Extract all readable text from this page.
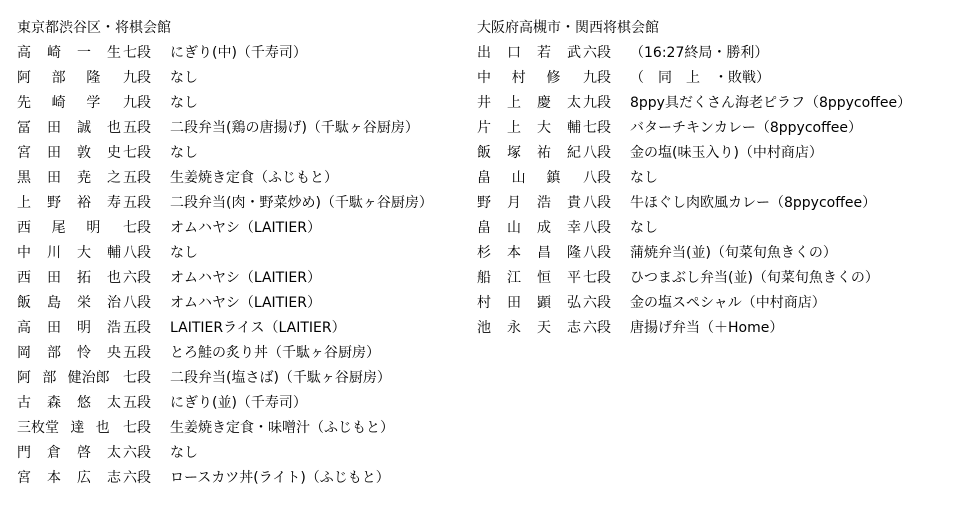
東京都渋谷区・将棋会館
高 崎 一 生 七段	にぎり(中)（千寿司）
阿 部 隆 九段	なし
先 崎 学 九段	なし
冨 田 誠 也 五段	二段弁当(鶏の唐揚げ)（千駄ヶ谷厨房）
宮 田 敦 史 七段	なし
黒 田 尭 之 五段	生姜焼き定食（ふじもと）
上 野 裕 寿 五段	二段弁当(肉・野菜炒め)（千駄ヶ谷厨房）
西 尾 明 七段	オムハヤシ（LAITIER）
中 川 大 輔 八段	なし
西 田 拓 也 六段	オムハヤシ（LAITIER）
飯 島 栄 治 八段	オムハヤシ（LAITIER）
高 田 明 浩 五段	LAITIERライス（LAITIER）
岡 部 怜 央 五段	とろ鮭の炙り丼（千駄ヶ谷厨房）
阿 部 健治郎 七段	二段弁当(塩さば)（千駄ヶ谷厨房）
古 森 悠 太 五段	にぎり(並)（千寿司）
三枚堂 達 也 七段	生姜焼き定食・味噌汁（ふじもと）
門 倉 啓 太 六段	なし
宮 本 広 志 六段	ロースカツ丼(ライト)（ふじもと）
大阪府高槻市・関西将棋会館
出 口 若 武 六段	（16:27終局・勝利）
中 村 修 九段	（　同　上　・敗戦）
井 上 慶 太 九段	8ppy具だくさん海老ピラフ（8ppycoffee）
片 上 大 輔 七段	バターチキンカレー（8ppycoffee）
飯 塚 祐 紀 八段	金の塩(味玉入り)（中村商店）
畠 山 鎮 八段	なし
野 月 浩 貴 八段	牛ほぐし肉欧風カレー（8ppycoffee）
畠 山 成 幸 八段	なし
杉 本 昌 隆 八段	蒲焼弁当(並)（旬菜旬魚きくの）
船 江 恒 平 七段	ひつまぶし弁当(並)（旬菜旬魚きくの）
村 田 顕 弘 六段	金の塩スペシャル（中村商店）
池 永 天 志 六段	唐揚げ弁当（＋Home）
